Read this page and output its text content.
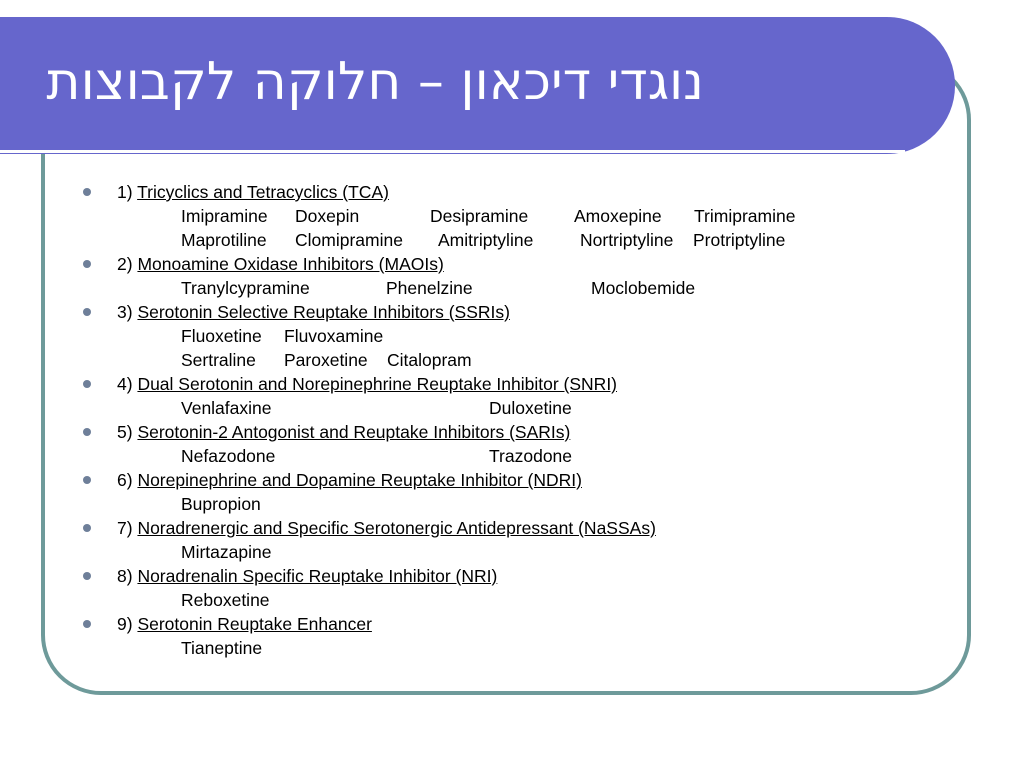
נוגדי דיכאון – חלוקה לקבוצות
1) Tricyclics and Tetracyclics (TCA)
Imipramine Doxepin	Desipramine	Amoxepine Trimipramine
Maprotiline Clomipramine Amitriptyline	Nortriptyline Protriptyline
2) Monoamine Oxidase Inhibitors (MAOIs)
Tranylcypramine	Phenelzine	Moclobemide
3) Serotonin Selective Reuptake Inhibitors (SSRIs)
Fluoxetine Fluvoxamine
Sertraline Paroxetine Citalopram
4) Dual Serotonin and Norepinephrine Reuptake Inhibitor (SNRI)
Venlafaxine	Duloxetine
5) Serotonin-2 Antogonist and Reuptake Inhibitors (SARIs)
Nefazodone	Trazodone
6) Norepinephrine and Dopamine Reuptake Inhibitor (NDRI)
Bupropion
7) Noradrenergic and Specific Serotonergic Antidepressant (NaSSAs)
Mirtazapine
8) Noradrenalin Specific Reuptake Inhibitor (NRI)
Reboxetine
9) Serotonin Reuptake Enhancer
Tianeptine
